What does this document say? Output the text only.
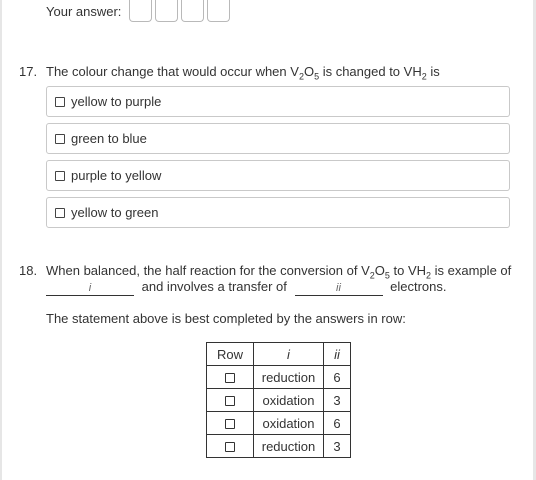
Your answer:
17. The colour change that would occur when $V_2O_5$ is changed to $VH_2$ is
yellow to purple
green to blue
purple to yellow
yellow to green
18. When balanced, the half reaction for the conversion of $V_2O_5$ to $VH_2$ is example of
i	and involves a transfer of	ii	electrons.
The statement above is best completed by the answers in row:
Row	i	ii
	reduction	6
	oxidation	3
	oxidation	6
	reduction	3
